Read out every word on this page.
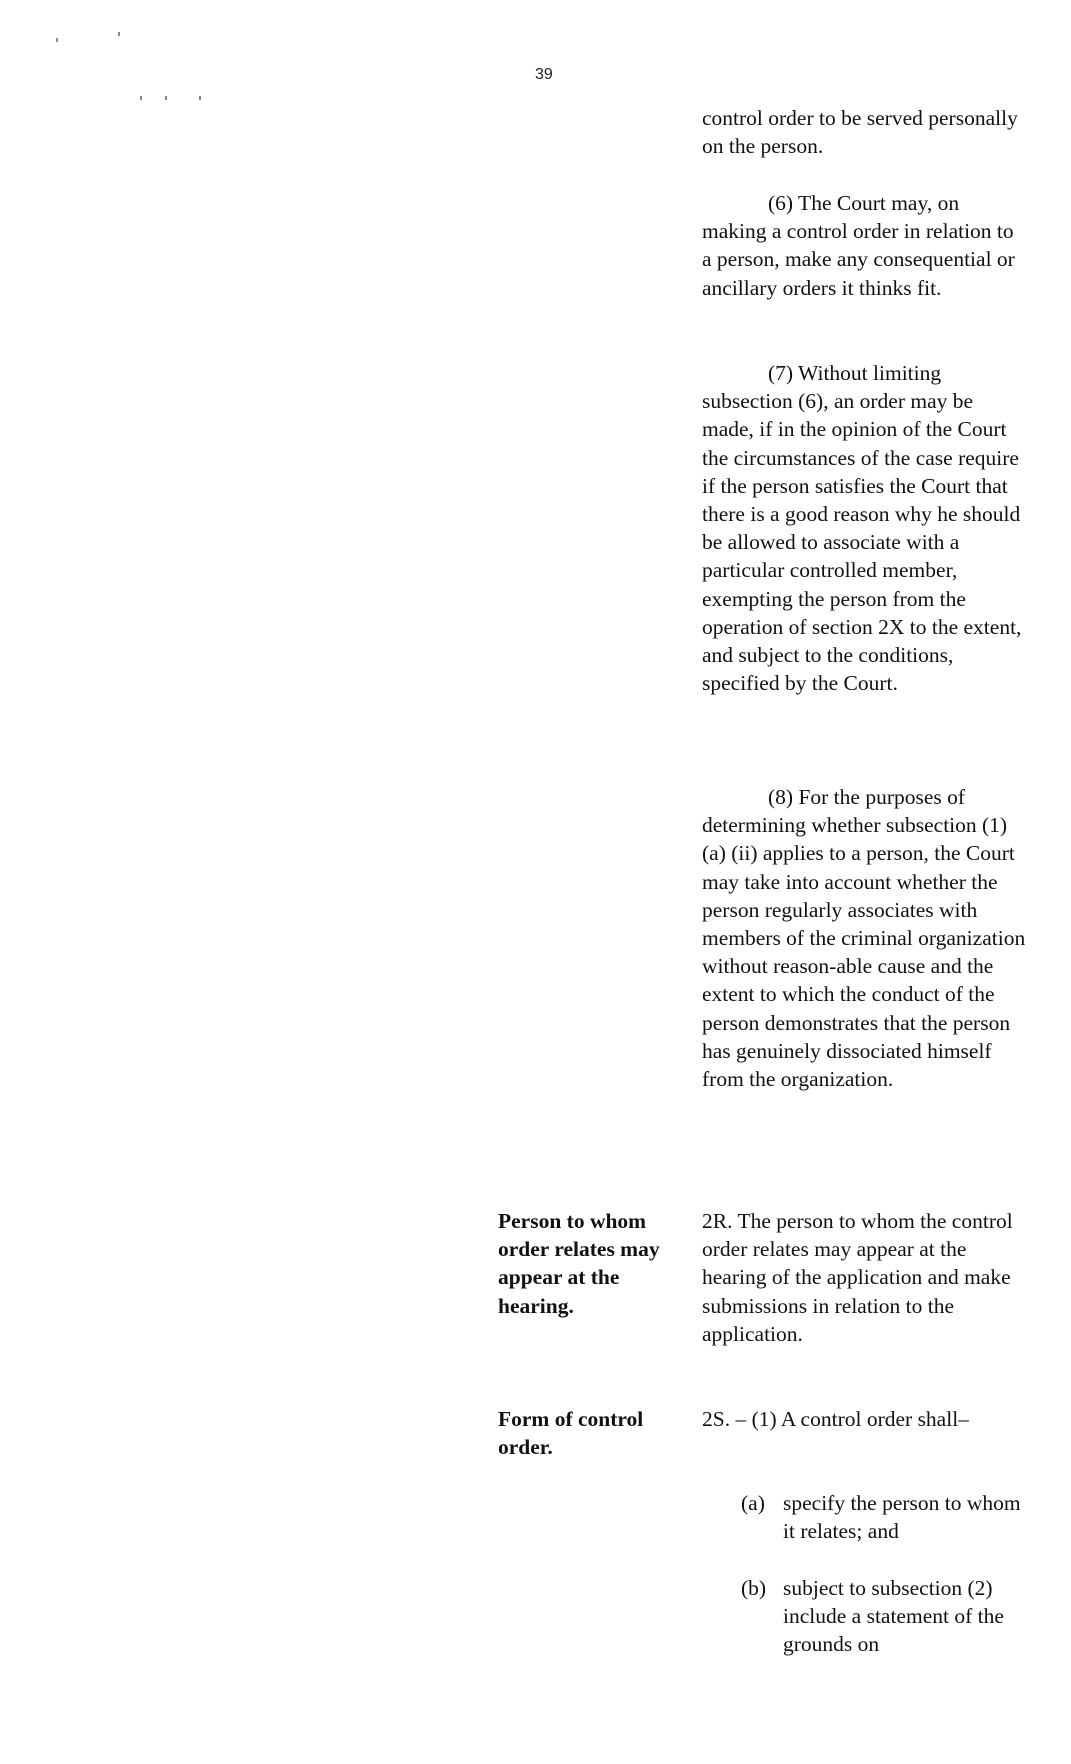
39
control order to be served personally on the person.
(6) The Court may, on making a control order in relation to a person, make any consequential or ancillary orders it thinks fit.
(7) Without limiting subsection (6), an order may be made, if in the opinion of the Court the circumstances of the case require if the person satisfies the Court that there is a good reason why he should be allowed to associate with a particular controlled member, exempting the person from the operation of section 2X to the extent, and subject to the conditions, specified by the Court.
(8) For the purposes of determining whether subsection (1) (a) (ii) applies to a person, the Court may take into account whether the person regularly associates with members of the criminal organization without reason-able cause and the extent to which the conduct of the person demonstrates that the person has genuinely dissociated himself from the organization.
Person to whom order relates may appear at the hearing.
2R. The person to whom the control order relates may appear at the hearing of the application and make submissions in relation to the application.
Form of control order.
2S. – (1) A control order shall–
(a) specify the person to whom it relates; and
(b) subject to subsection (2) include a statement of the grounds on
